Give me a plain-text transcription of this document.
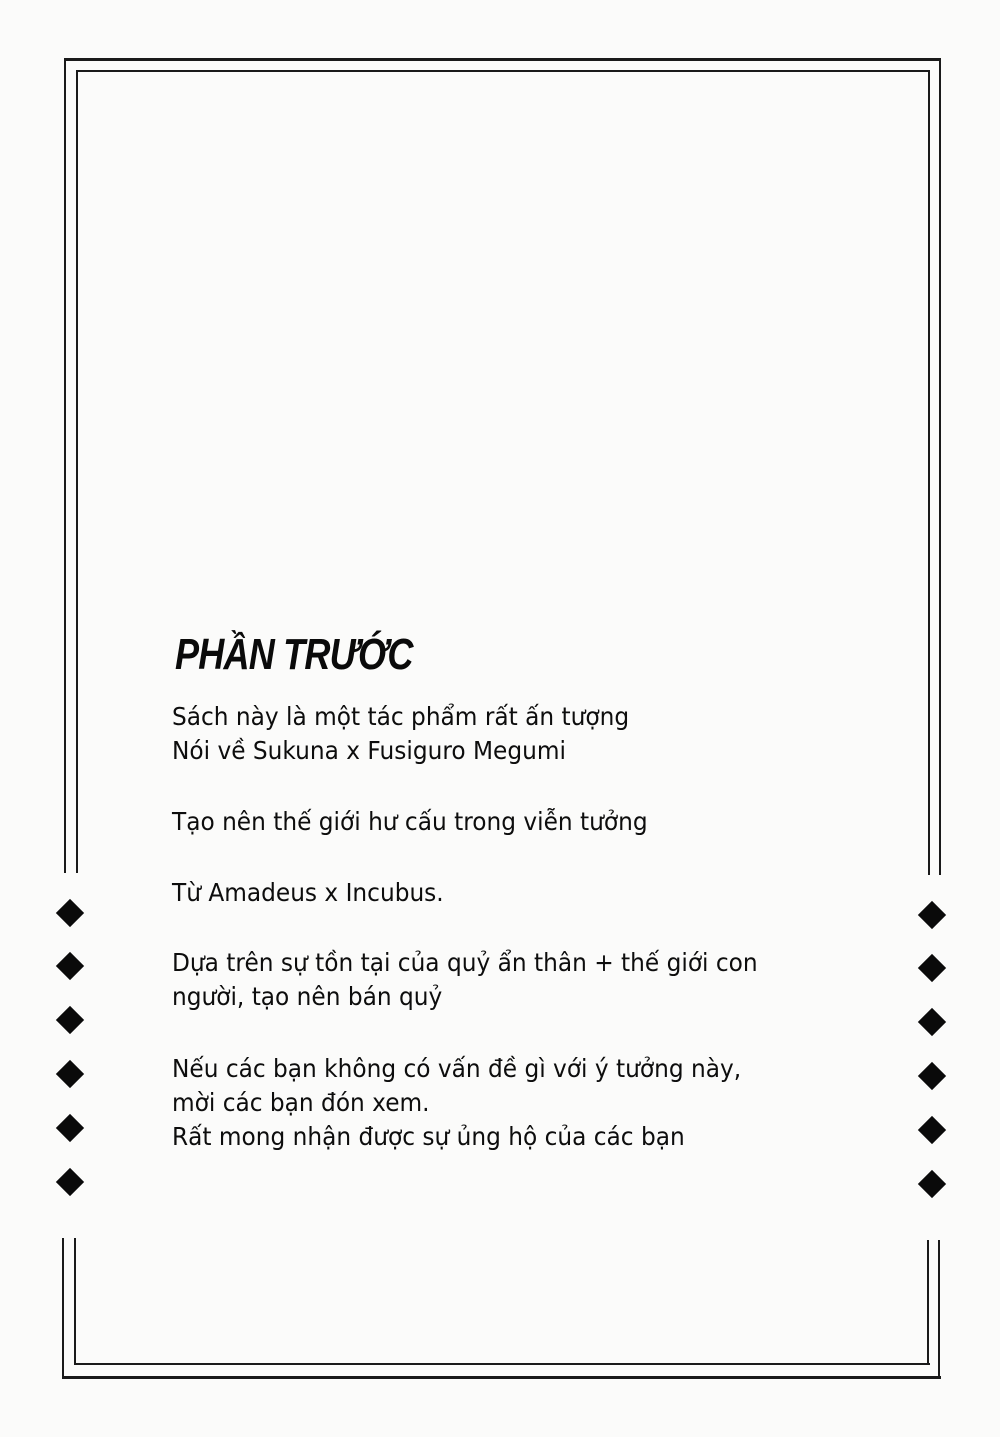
PHẦN TRƯỚC
Sách này là một tác phẩm rất ấn tượng
Nói về Sukuna x Fusiguro Megumi
Tạo nên thế giới hư cấu trong viễn tưởng
Từ Amadeus x Incubus.
Dựa trên sự tồn tại của quỷ ẩn thân + thế giới con
người, tạo nên bán quỷ
Nếu các bạn không có vấn đề gì với ý tưởng này,
mời các bạn đón xem.
Rất mong nhận được sự ủng hộ của các bạn
